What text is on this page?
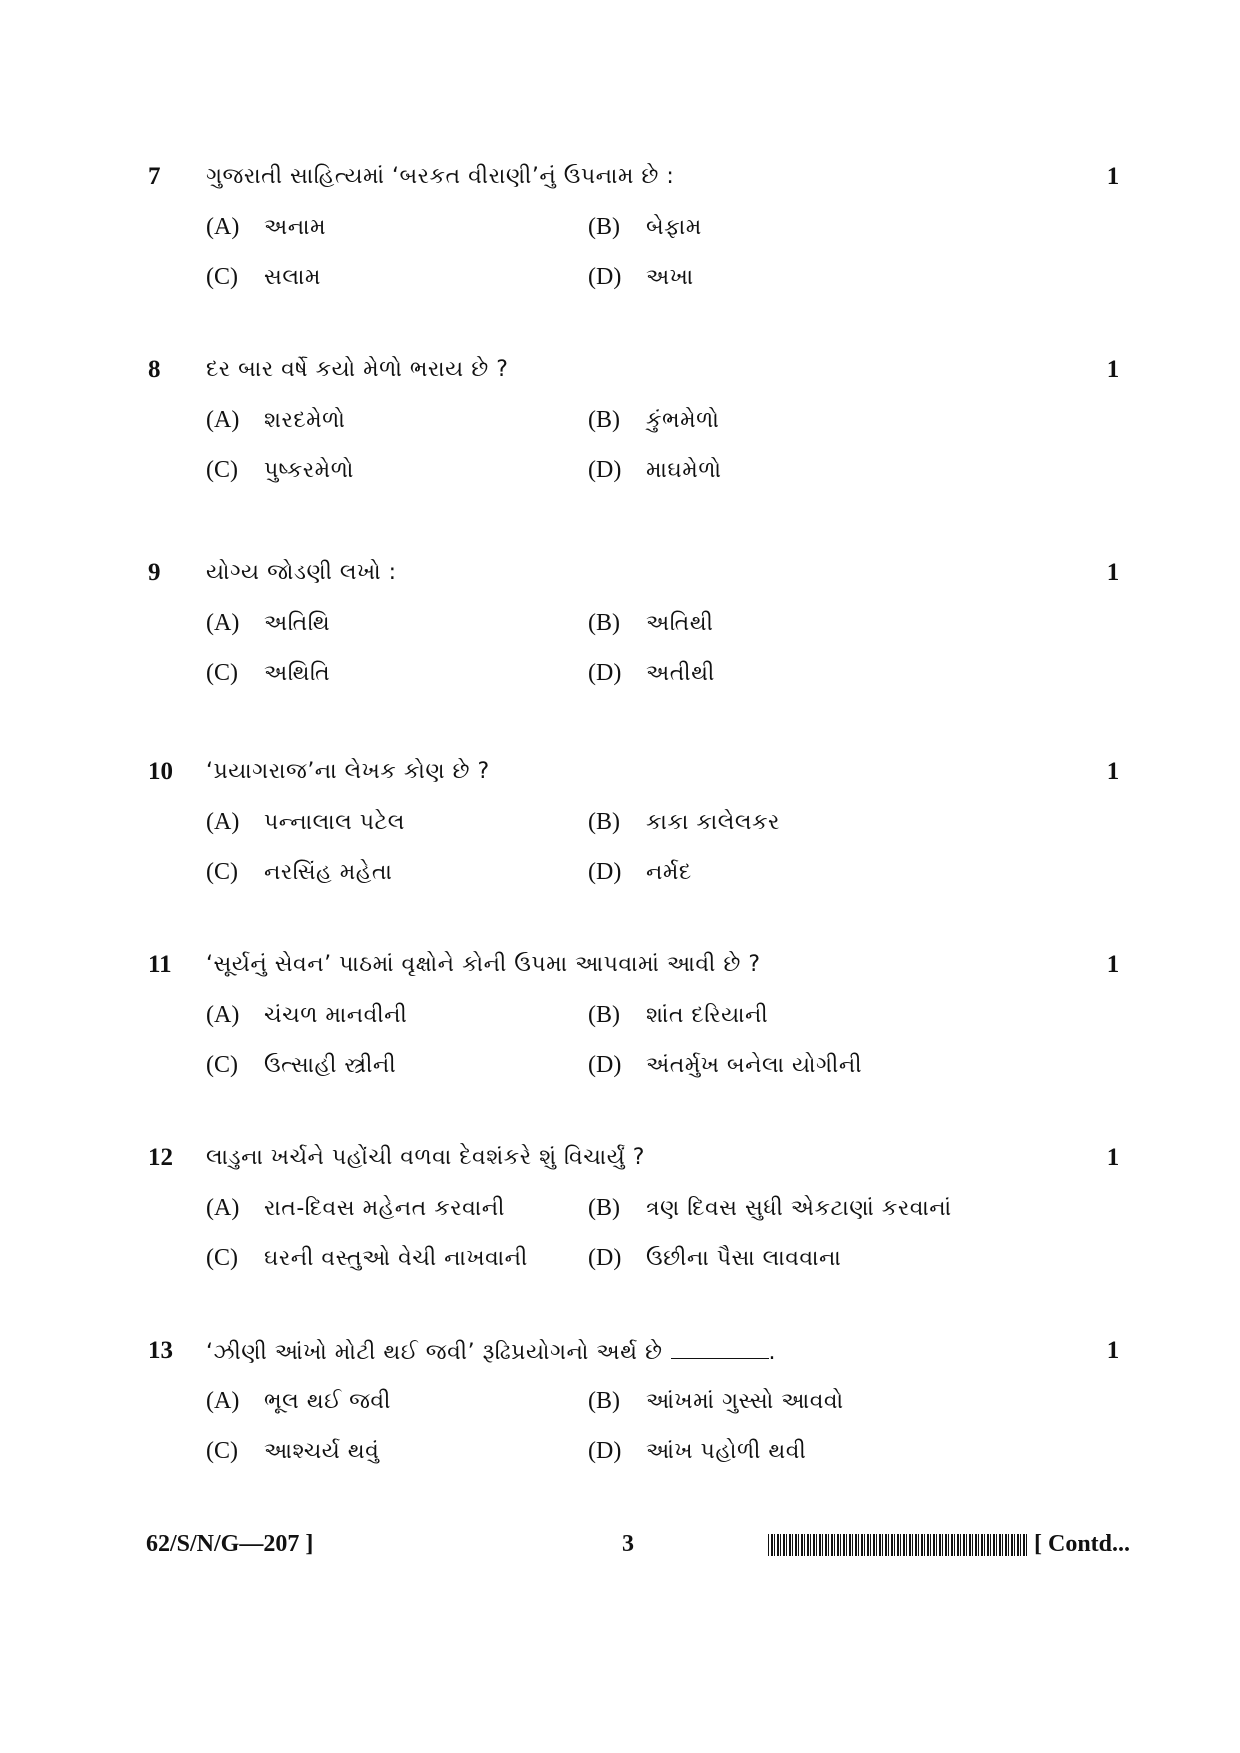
7	ગુજરાતી સાહિત્યમાં ‘બરકત વીરાણી’નું ઉપનામ છે :	1
(A) અનામ	(B) બેફામ
(C) સલામ	(D) અખા
8	દર બાર વર્ષે કયો મેળો ભરાય છે ?	1
(A) શરદમેળો	(B) કુંભમેળો
(C) પુષ્કરમેળો	(D) માઘમેળો
9	યોગ્ય જોડણી લખો :	1
(A) અતિથિ	(B) અતિથી
(C) અથિતિ	(D) અતીથી
10	‘પ્રયાગરાજ’ના લેખક કોણ છે ?	1
(A) પન્નાલાલ પટેલ	(B) કાકા કાલેલકર
(C) નરસિંહ મહેતા	(D) નર્મદ
11	‘સૂર્યનું સેવન’ પાઠમાં વૃક્ષોને કોની ઉપમા આપવામાં આવી છે ?	1
(A) ચંચળ માનવીની	(B) શાંત દરિયાની
(C) ઉત્સાહી સ્ત્રીની	(D) અંતર્મુખ બનેલા યોગીની
12	લાડુના ખર્ચને પહોંચી વળવા દેવશંકરે શું વિચાર્યું ?	1
(A) રાત-દિવસ મહેનત કરવાની	(B) ત્રણ દિવસ સુધી એકટાણાં કરવાનાં
(C) ઘરની વસ્તુઓ વેચી નાખવાની	(D) ઉછીના પૈસા લાવવાના
13	‘ઝીણી આંખો મોટી થઈ જવી’ રૂઢિપ્રયોગનો અર્થ છે	.	1
(A) ભૂલ થઈ જવી	(B) આંખમાં ગુસ્સો આવવો
(C) આશ્ચર્ય થવું	(D) આંખ પહોળી થવી
62/S/N/G—207 ]	3	[ Contd...
